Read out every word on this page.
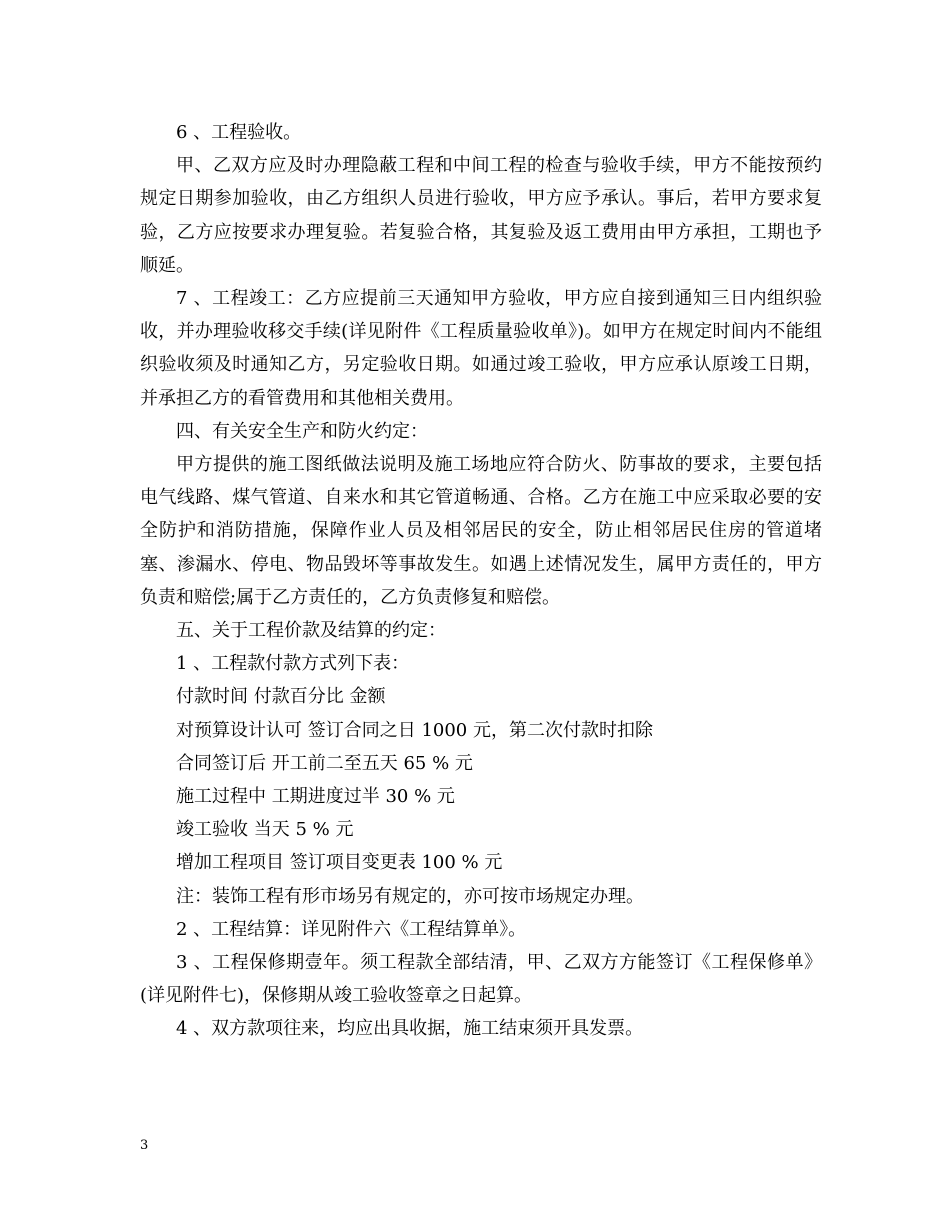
6 、工程验收。

甲、乙双方应及时办理隐蔽工程和中间工程的检查与验收手续，甲方不能按预约规定日期参加验收，由乙方组织人员进行验收，甲方应予承认。事后，若甲方要求复验，乙方应按要求办理复验。若复验合格，其复验及返工费用由甲方承担，工期也予顺延。

7 、工程竣工：乙方应提前三天通知甲方验收，甲方应自接到通知三日内组织验收，并办理验收移交手续(详见附件《工程质量验收单》)。如甲方在规定时间内不能组织验收须及时通知乙方，另定验收日期。如通过竣工验收，甲方应承认原竣工日期，并承担乙方的看管费用和其他相关费用。

四、有关安全生产和防火约定：

甲方提供的施工图纸做法说明及施工场地应符合防火、防事故的要求，主要包括电气线路、煤气管道、自来水和其它管道畅通、合格。乙方在施工中应采取必要的安全防护和消防措施，保障作业人员及相邻居民的安全，防止相邻居民住房的管道堵塞、渗漏水、停电、物品毁坏等事故发生。如遇上述情况发生，属甲方责任的，甲方负责和赔偿;属于乙方责任的，乙方负责修复和赔偿。

五、关于工程价款及结算的约定：

1 、工程款付款方式列下表：

付款时间 付款百分比 金额

对预算设计认可 签订合同之日 1000 元，第二次付款时扣除

合同签订后 开工前二至五天 65 % 元

施工过程中 工期进度过半 30 % 元

竣工验收 当天 5 % 元

增加工程项目 签订项目变更表 100 % 元

注：装饰工程有形市场另有规定的，亦可按市场规定办理。

2 、工程结算：详见附件六《工程结算单》。

3 、工程保修期壹年。须工程款全部结清，甲、乙双方方能签订《工程保修单》(详见附件七)，保修期从竣工验收签章之日起算。

4 、双方款项往来，均应出具收据，施工结束须开具发票。

3
